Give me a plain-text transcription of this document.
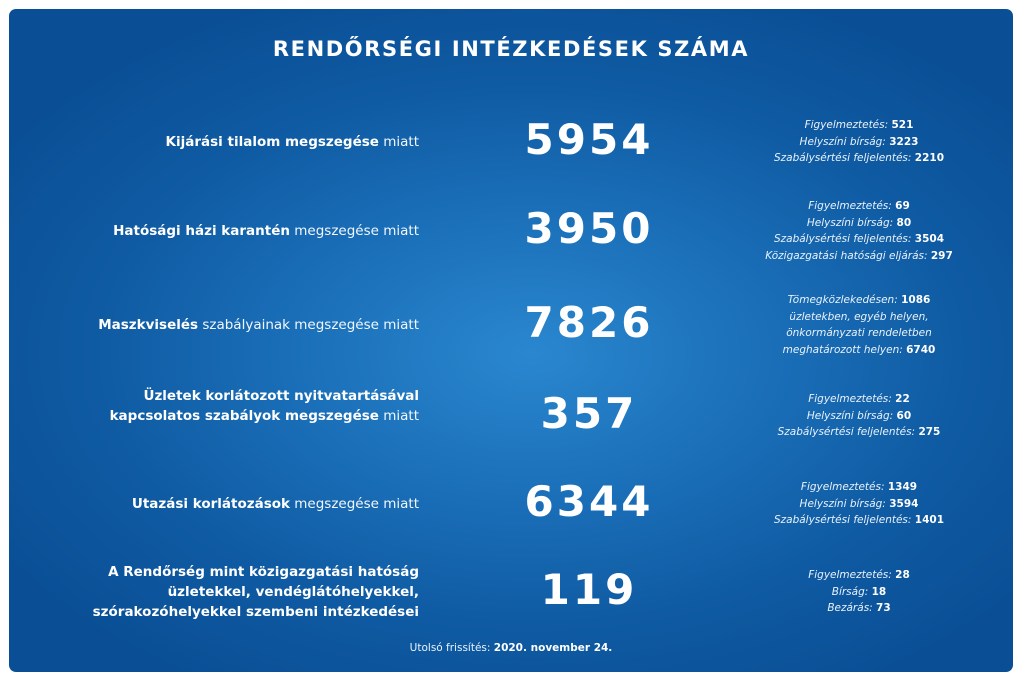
RENDŐRSÉGI INTÉZKEDÉSEK SZÁMA
Kijárási tilalom megszegése miatt	5954	Figyelmeztetés: 521
Helyszíni bírság: 3223
Szabálysértési feljelentés: 2210
Hatósági házi karantén megszegése miatt	3950	Figyelmeztetés: 69
Helyszíni bírság: 80
Szabálysértési feljelentés: 3504
Közigazgatási hatósági eljárás: 297
Maszkviselés szabályainak megszegése miatt	7826	Tömegközlekedésen: 1086
üzletekben, egyéb helyen,
önkormányzati rendeletben
meghatározott helyen: 6740
Üzletek korlátozott nyitvatartásával kapcsolatos szabályok megszegése miatt	357	Figyelmeztetés: 22
Helyszíni bírság: 60
Szabálysértési feljelentés: 275
Utazási korlátozások megszegése miatt	6344	Figyelmeztetés: 1349
Helyszíni bírság: 3594
Szabálysértési feljelentés: 1401
A Rendőrség mint közigazgatási hatóság üzletekkel, vendéglátóhelyekkel, szórakozóhelyekkel szembeni intézkedései	119	Figyelmeztetés: 28
Bírság: 18
Bezárás: 73
Utolsó frissítés: 2020. november 24.
